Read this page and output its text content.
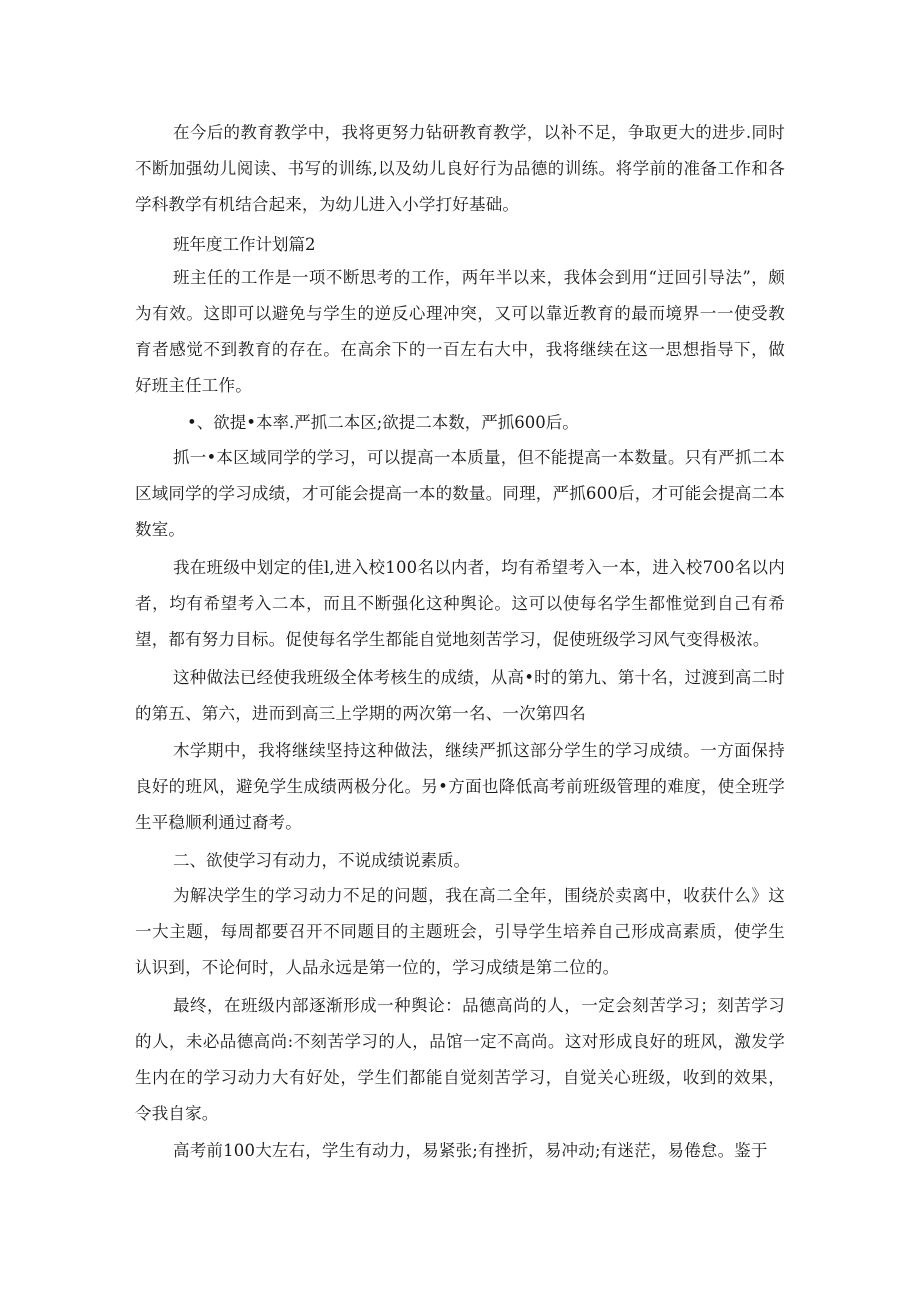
在今后的教育教学中，我将更努力钻研教育教学，以补不足，争取更大的进步.同时不断加强幼儿阅读、书写的训练,以及幼儿良好行为品德的训练。将学前的准备工作和各学科教学有机结合起来，为幼儿进入小学打好基础。

班年度工作计划篇2

班主任的工作是一项不断思考的工作，两年半以来，我体会到用“迂回引导法”，颇为有效。这即可以避免与学生的逆反心理冲突，又可以靠近教育的最而境界一一使受教育者感觉不到教育的存在。在高余下的一百左右大中，我将继续在这一思想指导下，做好班主任工作。

•、欲提•本率.严抓二本区;欲提二本数，严抓600后。

抓一•本区域同学的学习，可以提高一本质量，但不能提高一本数量。只有严抓二本区域同学的学习成绩，才可能会提高一本的数量。同理，严抓600后，才可能会提高二本数室。

我在班级中划定的佳l,进入校100名以内者，均有希望考入一本，进入校700名以内者，均有希望考入二本，而且不断强化这种舆论。这可以使每名学生都惟觉到自己有希望，都有努力目标。促使每名学生都能自觉地刻苦学习，促使班级学习风气变得极浓。

这种做法已经使我班级全体考核生的成绩，从高•时的第九、第十名，过渡到高二时的第五、第六，进而到高三上学期的两次第一名、一次第四名

木学期中，我将继续坚持这种做法，继续严抓这部分学生的学习成绩。一方面保持良好的班风，避免学生成绩两极分化。另•方面也降低高考前班级管理的难度，使全班学生平稳顺利通过裔考。

二、欲使学习有动力，不说成绩说素质。

为解决学生的学习动力不足的问题，我在高二全年，围绕於卖离中，收获什么》这一大主题，每周都要召开不同题目的主题班会，引导学生培养自己形成高素质，使学生认识到，不论何时，人品永远是第一位的，学习成绩是第二位的。

最终，在班级内部逐渐形成一种舆论：品德高尚的人，一定会刻苦学习；刻苦学习的人，未必品德高尚:不刻苦学习的人，品馆一定不高尚。这对形成良好的班风，激发学生内在的学习动力大有好处，学生们都能自觉刻苦学习，自觉关心班级，收到的效果，令我自家。

高考前100大左右，学生有动力，易紧张;有挫折，易冲动;有迷茫，易倦怠。鉴于
